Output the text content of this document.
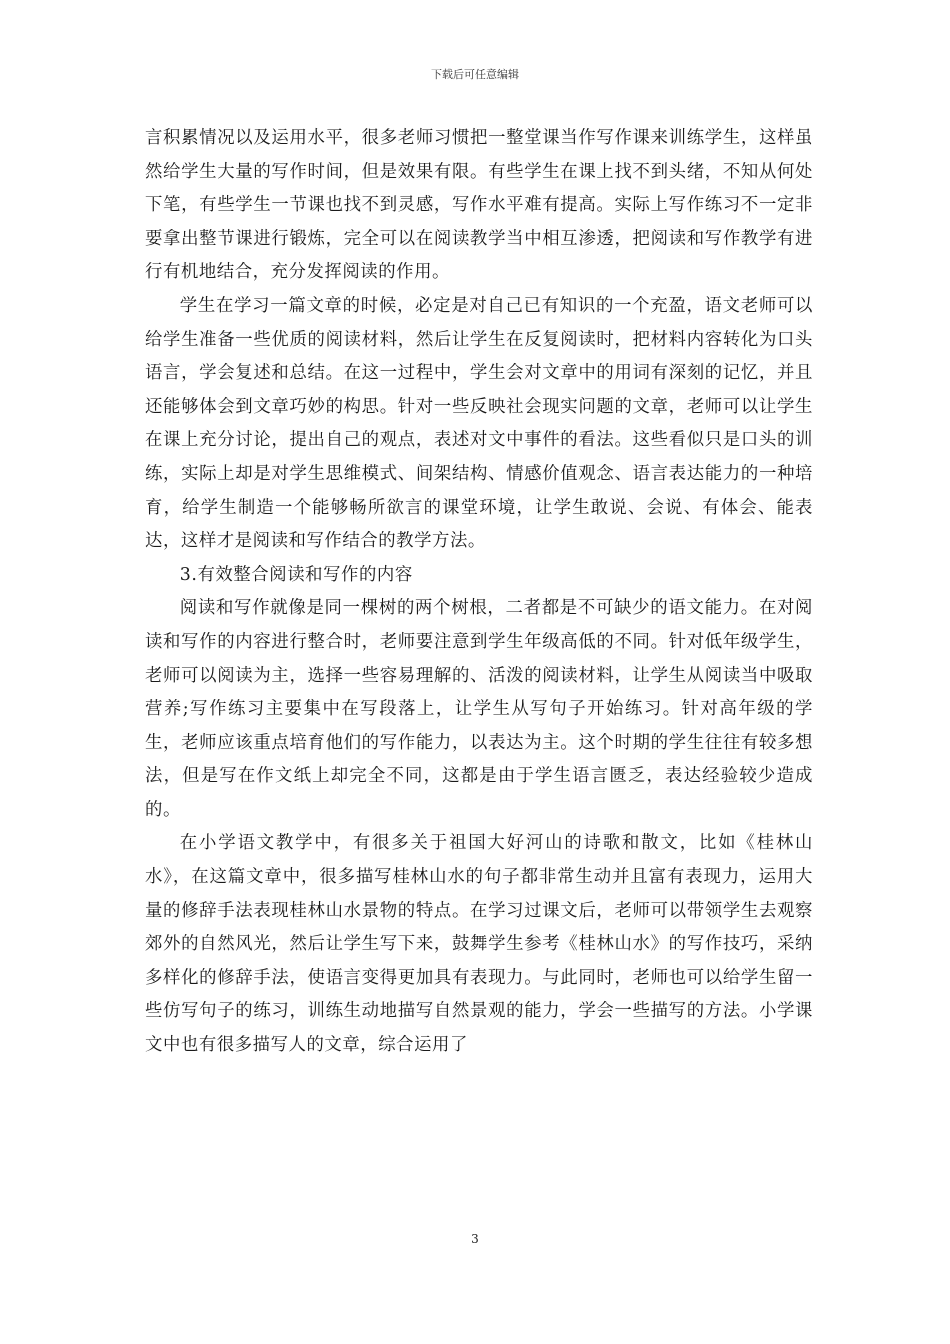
下载后可任意编辑

言积累情况以及运用水平，很多老师习惯把一整堂课当作写作课来训练学生，这样虽然给学生大量的写作时间，但是效果有限。有些学生在课上找不到头绪，不知从何处下笔，有些学生一节课也找不到灵感，写作水平难有提高。实际上写作练习不一定非要拿出整节课进行锻炼，完全可以在阅读教学当中相互渗透，把阅读和写作教学有进行有机地结合，充分发挥阅读的作用。

学生在学习一篇文章的时候，必定是对自己已有知识的一个充盈，语文老师可以给学生准备一些优质的阅读材料，然后让学生在反复阅读时，把材料内容转化为口头语言，学会复述和总结。在这一过程中，学生会对文章中的用词有深刻的记忆，并且还能够体会到文章巧妙的构思。针对一些反映社会现实问题的文章，老师可以让学生在课上充分讨论，提出自己的观点，表述对文中事件的看法。这些看似只是口头的训练，实际上却是对学生思维模式、间架结构、情感价值观念、语言表达能力的一种培育，给学生制造一个能够畅所欲言的课堂环境，让学生敢说、会说、有体会、能表达，这样才是阅读和写作结合的教学方法。

3.有效整合阅读和写作的内容

阅读和写作就像是同一棵树的两个树根，二者都是不可缺少的语文能力。在对阅读和写作的内容进行整合时，老师要注意到学生年级高低的不同。针对低年级学生，老师可以阅读为主，选择一些容易理解的、活泼的阅读材料，让学生从阅读当中吸取营养;写作练习主要集中在写段落上，让学生从写句子开始练习。针对高年级的学生，老师应该重点培育他们的写作能力，以表达为主。这个时期的学生往往有较多想法，但是写在作文纸上却完全不同，这都是由于学生语言匮乏，表达经验较少造成的。

在小学语文教学中，有很多关于祖国大好河山的诗歌和散文，比如《桂林山水》，在这篇文章中，很多描写桂林山水的句子都非常生动并且富有表现力，运用大量的修辞手法表现桂林山水景物的特点。在学习过课文后，老师可以带领学生去观察郊外的自然风光，然后让学生写下来，鼓舞学生参考《桂林山水》的写作技巧，采纳多样化的修辞手法，使语言变得更加具有表现力。与此同时，老师也可以给学生留一些仿写句子的练习，训练生动地描写自然景观的能力，学会一些描写的方法。小学课文中也有很多描写人的文章，综合运用了

3
